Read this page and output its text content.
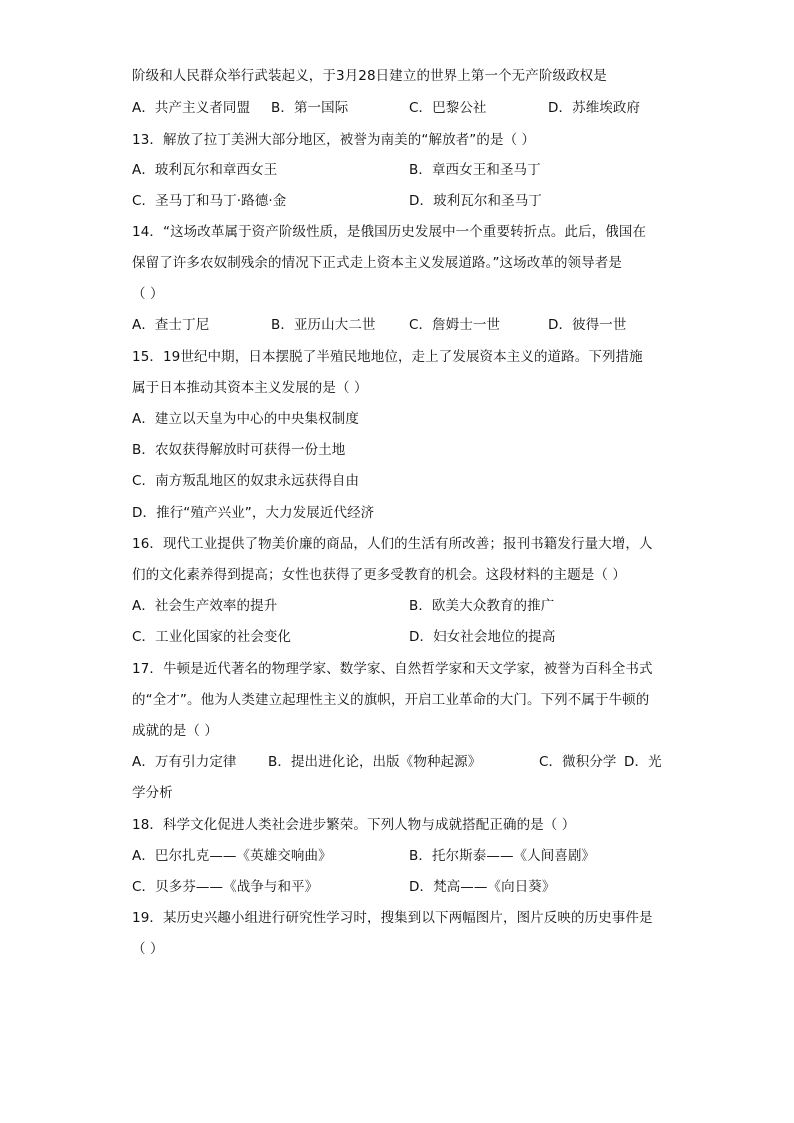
阶级和人民群众举行武装起义，于3月28日建立的世界上第一个无产阶级政权是
A．共产主义者同盟 B．第一国际	C．巴黎公社	D．苏维埃政府
13．解放了拉丁美洲大部分地区，被誉为南美的“解放者”的是（ ）
A．玻利瓦尔和章西女王	B．章西女王和圣马丁
C．圣马丁和马丁·路德·金	D．玻利瓦尔和圣马丁
14．“这场改革属于资产阶级性质，是俄国历史发展中一个重要转折点。此后，俄国在
保留了许多农奴制残余的情况下正式走上资本主义发展道路。”这场改革的领导者是
（ ）
A．查士丁尼	B．亚历山大二世 C．詹姆士一世	D．彼得一世
15．19世纪中期，日本摆脱了半殖民地地位，走上了发展资本主义的道路。下列措施
属于日本推动其资本主义发展的是（ ）
A．建立以天皇为中心的中央集权制度
B．农奴获得解放时可获得一份土地
C．南方叛乱地区的奴隶永远获得自由
D．推行“殖产兴业”，大力发展近代经济
16．现代工业提供了物美价廉的商品，人们的生活有所改善；报刊书籍发行量大增，人
们的文化素养得到提高；女性也获得了更多受教育的机会。这段材料的主题是（ ）
A．社会生产效率的提升	B．欧美大众教育的推广
C．工业化国家的社会变化	D．妇女社会地位的提高
17．牛顿是近代著名的物理学家、数学家、自然哲学家和天文学家，被誉为百科全书式
的“全才”。他为人类建立起理性主义的旗帜，开启工业革命的大门。下列不属于牛顿的
成就的是（ ）
A．万有引力定律 B．提出进化论，出版《物种起源》	C．微积分学 D．光
学分析
18．科学文化促进人类社会进步繁荣。下列人物与成就搭配正确的是（ ）
A．巴尔扎克——《英雄交响曲》	B．托尔斯泰——《人间喜剧》
C．贝多芬——《战争与和平》	D．梵高——《向日葵》
19．某历史兴趣小组进行研究性学习时，搜集到以下两幅图片，图片反映的历史事件是
（ ）
